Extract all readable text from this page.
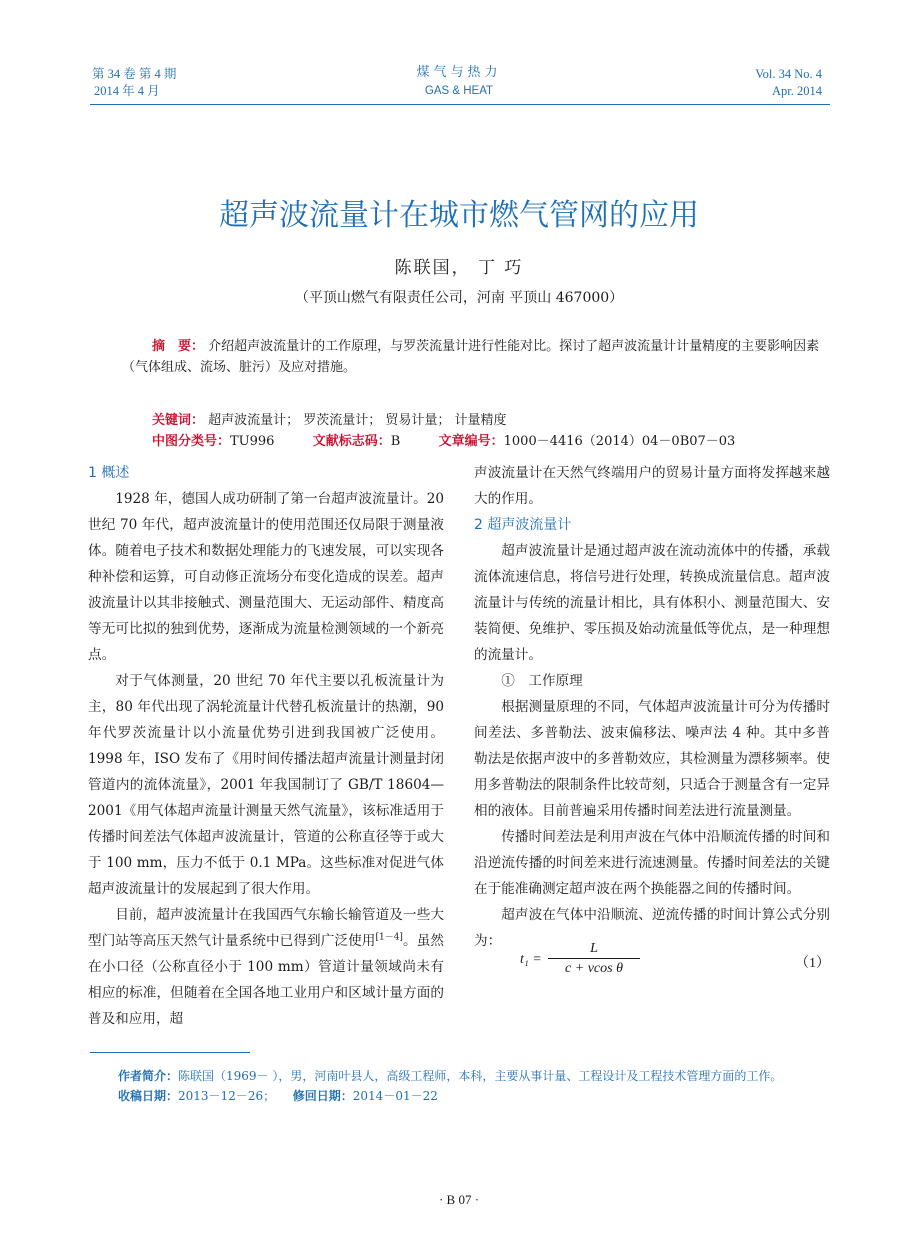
第 34 卷 第 4 期
2014 年 4 月
煤气与热力
GAS & HEAT
Vol. 34 No. 4
Apr. 2014
超声波流量计在城市燃气管网的应用
陈联国， 丁 巧
（平顶山燃气有限责任公司，河南 平顶山 467000）
摘　要： 介绍超声波流量计的工作原理，与罗茨流量计进行性能对比。探讨了超声波流量计计量精度的主要影响因素（气体组成、流场、脏污）及应对措施。
关键词： 超声波流量计； 罗茨流量计； 贸易计量； 计量精度
中图分类号：TU996	文献标志码：B	文章编号：1000－4416（2014）04－0B07－03
1 概述

1928 年，德国人成功研制了第一台超声波流量计。20 世纪 70 年代，超声波流量计的使用范围还仅局限于测量液体。随着电子技术和数据处理能力的飞速发展，可以实现各种补偿和运算，可自动修正流场分布变化造成的误差。超声波流量计以其非接触式、测量范围大、无运动部件、精度高等无可比拟的独到优势，逐渐成为流量检测领域的一个新亮点。

对于气体测量，20 世纪 70 年代主要以孔板流量计为主，80 年代出现了涡轮流量计代替孔板流量计的热潮，90 年代罗茨流量计以小流量优势引进到我国被广泛使用。1998 年，ISO 发布了《用时间传播法超声流量计测量封闭管道内的流体流量》，2001 年我国制订了 GB/T 18604—2001《用气体超声流量计测量天然气流量》，该标准适用于传播时间差法气体超声波流量计，管道的公称直径等于或大于 100 mm，压力不低于 0.1 MPa。这些标准对促进气体超声波流量计的发展起到了很大作用。

目前，超声波流量计在我国西气东输长输管道及一些大型门站等高压天然气计量系统中已得到广泛使用[1－4]。虽然在小口径（公称直径小于 100 mm）管道计量领域尚未有相应的标准，但随着在全国各地工业用户和区域计量方面的普及和应用，超

声波流量计在天然气终端用户的贸易计量方面将发挥越来越大的作用。

2 超声波流量计

超声波流量计是通过超声波在流动流体中的传播，承载流体流速信息，将信号进行处理，转换成流量信息。超声波流量计与传统的流量计相比，具有体积小、测量范围大、安装简便、免维护、零压损及始动流量低等优点，是一种理想的流量计。

①　工作原理

根据测量原理的不同，气体超声波流量计可分为传播时间差法、多普勒法、波束偏移法、噪声法 4 种。其中多普勒法是依据声波中的多普勒效应，其检测量为漂移频率。使用多普勒法的限制条件比较苛刻，只适合于测量含有一定异相的液体。目前普遍采用传播时间差法进行流量测量。

传播时间差法是利用声波在气体中沿顺流传播的时间和沿逆流传播的时间差来进行流速测量。传播时间差法的关键在于能准确测定超声波在两个换能器之间的传播时间。

超声波在气体中沿顺流、逆流传播的时间计算公式分别为：

t₁ =
L
c + vcos θ	（1）
作者简介：陈联国（1969－ ），男，河南叶县人，高级工程师，本科，主要从事计量、工程设计及工程技术管理方面的工作。
收稿日期：2013－12－26； 修回日期：2014－01－22
· B 07 ·
